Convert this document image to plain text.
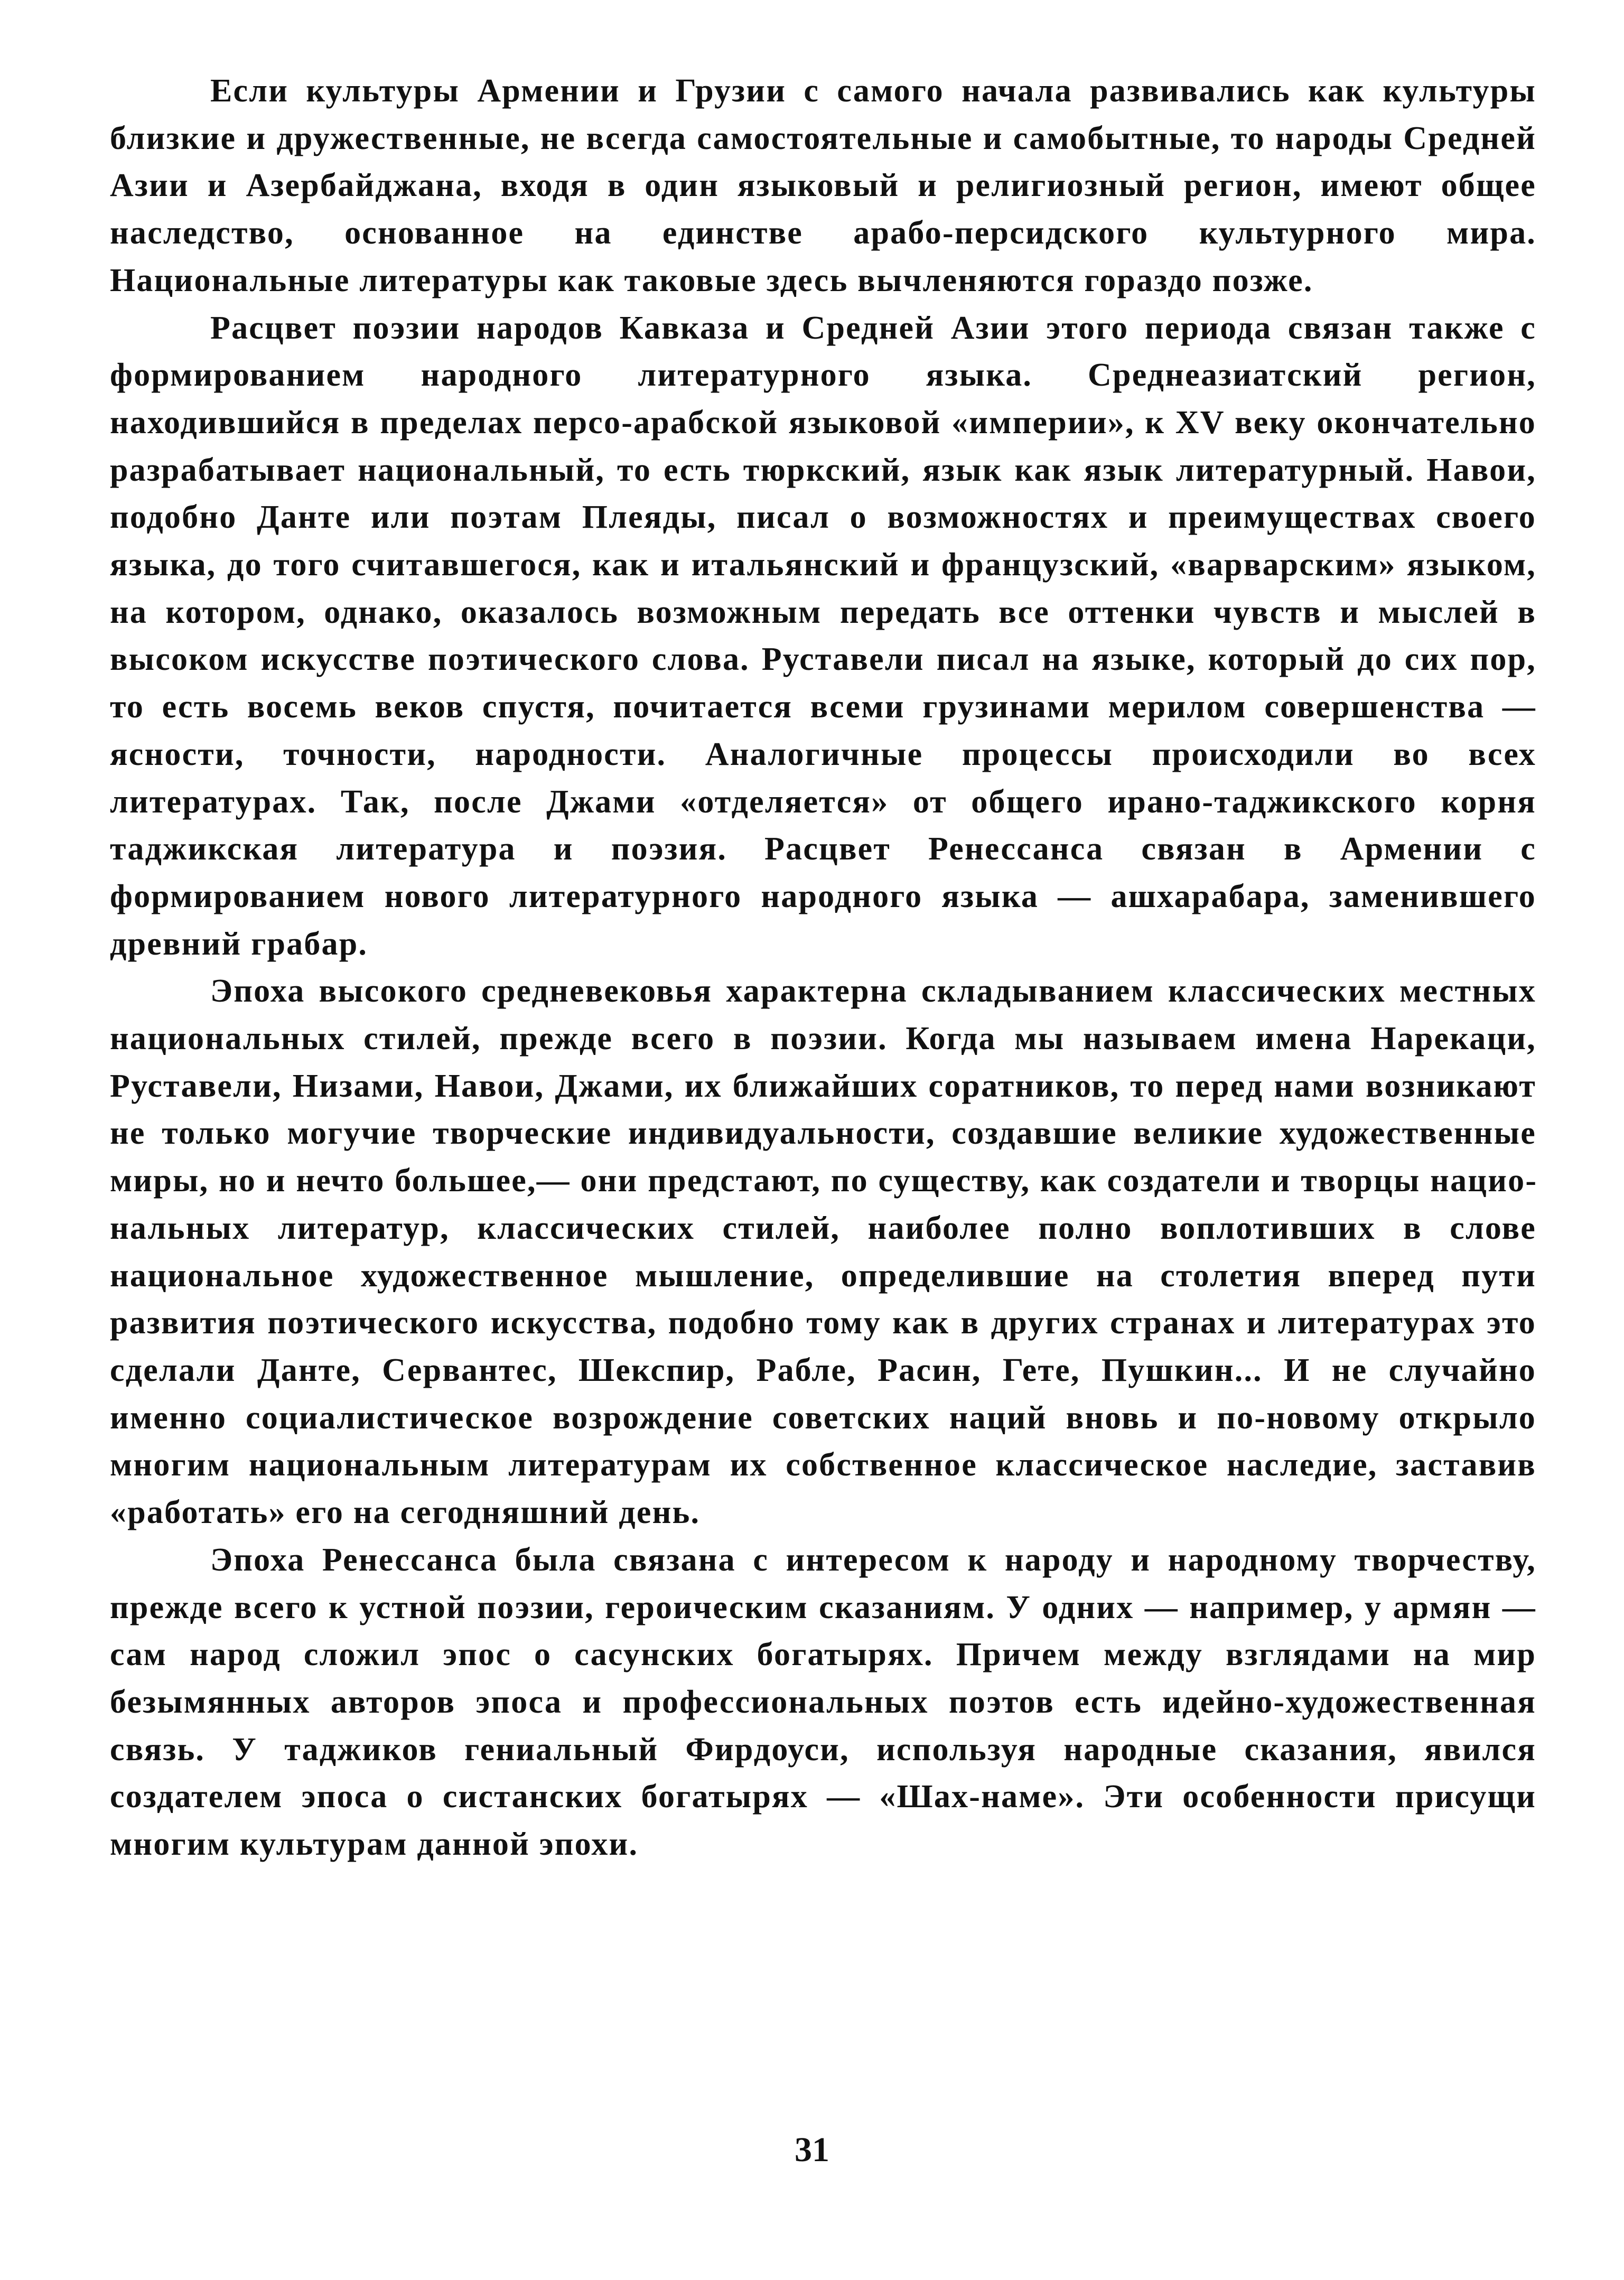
Если культуры Армении и Грузии с самого начала развивались как культуры близкие и дружественные, не всегда самостоятельные и самобытные, то народы Средней Азии и Азербайджана, входя в один языковый и религиозный регион, имеют общее наследство, основанное на единстве арабо-персидского культурного мира. Национальные литературы как таковые здесь вычленяются гораздо позже.

Расцвет поэзии народов Кавказа и Средней Азии этого периода связан также с формированием народного литературного языка. Среднеазиатский регион, находившийся в пределах персо-арабской языковой «империи», к XV веку окончательно разрабатывает национальный, то есть тюркский, язык как язык литературный. Навои, подобно Данте или поэтам Плеяды, писал о возможностях и преимуществах своего языка, до того считавшегося, как и итальянский и французский, «варварским» языком, на котором, однако, оказалось возможным передать все оттенки чувств и мыслей в высоком искусстве поэтического слова. Руставели писал на языке, который до сих пор, то есть восемь веков спустя, почитается всеми грузинами мерилом совершенства — ясности, точности, народности. Аналогичные процессы происходили во всех литературах. Так, после Джами «отделяется» от общего ирано-таджикского корня таджикская литература и поэзия. Расцвет Ренессанса связан в Армении с формированием нового литературного народного языка — ашхарабара, заменившего древний грабар.

Эпоха высокого средневековья характерна складыванием классических местных национальных стилей, прежде всего в поэзии. Когда мы называем имена Нарекаци, Руставели, Низами, Навои, Джами, их ближайших соратников, то перед нами возникают не только могучие творческие индивидуальности, создавшие великие художественные миры, но и нечто большее,— они предстают, по существу, как создатели и творцы национальных литератур, классических стилей, наиболее полно воплотивших в слове национальное художественное мышление, определившие на столетия вперед пути развития поэтического искусства, подобно тому как в других странах и литературах это сделали Данте, Сервантес, Шекспир, Рабле, Расин, Гете, Пушкин... И не случайно именно социалистическое возрождение советских наций вновь и по-новому открыло многим национальным литературам их собственное классическое наследие, заставив «работать» его на сегодняшний день.

Эпоха Ренессанса была связана с интересом к народу и народному творчеству, прежде всего к устной поэзии, героическим сказаниям. У одних — например, у армян — сам народ сложил эпос о сасунских богатырях. Причем между взглядами на мир безымянных авторов эпоса и профессиональных поэтов есть идейно-художественная связь. У таджиков гениальный Фирдоуси, используя народные сказания, явился создателем эпоса о систанских богатырях — «Шах-наме». Эти особенности присущи многим культурам данной эпохи.

31
